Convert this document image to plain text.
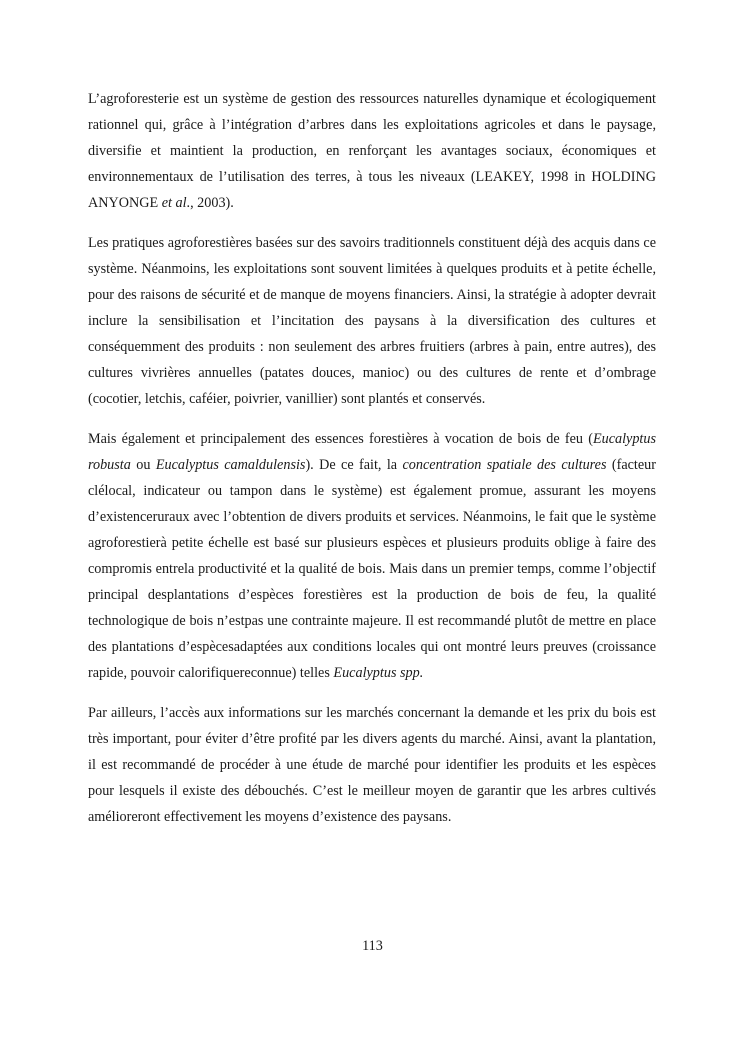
L’agroforesterie est un système de gestion des ressources naturelles dynamique et écologiquement rationnel qui, grâce à l’intégration d’arbres dans les exploitations agricoles et dans le paysage, diversifie et maintient la production, en renforçant les avantages sociaux, économiques et environnementaux de l’utilisation des terres, à tous les niveaux (LEAKEY, 1998 in HOLDING ANYONGE et al., 2003).

Les pratiques agroforestières basées sur des savoirs traditionnels constituent déjà des acquis dans ce système. Néanmoins, les exploitations sont souvent limitées à quelques produits et à petite échelle, pour des raisons de sécurité et de manque de moyens financiers. Ainsi, la stratégie à adopter devrait inclure la sensibilisation et l’incitation des paysans à la diversification des cultures et conséquemment des produits : non seulement des arbres fruitiers (arbres à pain, entre autres), des cultures vivrières annuelles (patates douces, manioc) ou des cultures de rente et d’ombrage (cocotier, letchis, caféier, poivrier, vanillier) sont plantés et conservés.

Mais également et principalement des essences forestières à vocation de bois de feu (Eucalyptus robusta ou Eucalyptus camaldulensis). De ce fait, la concentration spatiale des cultures (facteur clélocal, indicateur ou tampon dans le système) est également promue, assurant les moyens d’existenceruraux avec l’obtention de divers produits et services. Néanmoins, le fait que le système agroforestierà petite échelle est basé sur plusieurs espèces et plusieurs produits oblige à faire des compromis entrela productivité et la qualité de bois. Mais dans un premier temps, comme l’objectif principal desplantations d’espèces forestières est la production de bois de feu, la qualité technologique de bois n’estpas une contrainte majeure. Il est recommandé plutôt de mettre en place des plantations d’espècesadaptées aux conditions locales qui ont montré leurs preuves (croissance rapide, pouvoir calorifiquereconnue) telles Eucalyptus spp.

Par ailleurs, l’accès aux informations sur les marchés concernant la demande et les prix du bois est très important, pour éviter d’être profité par les divers agents du marché. Ainsi, avant la plantation, il est recommandé de procéder à une étude de marché pour identifier les produits et les espèces pour lesquels il existe des débouchés. C’est le meilleur moyen de garantir que les arbres cultivés amélioreront effectivement les moyens d’existence des paysans.

113
